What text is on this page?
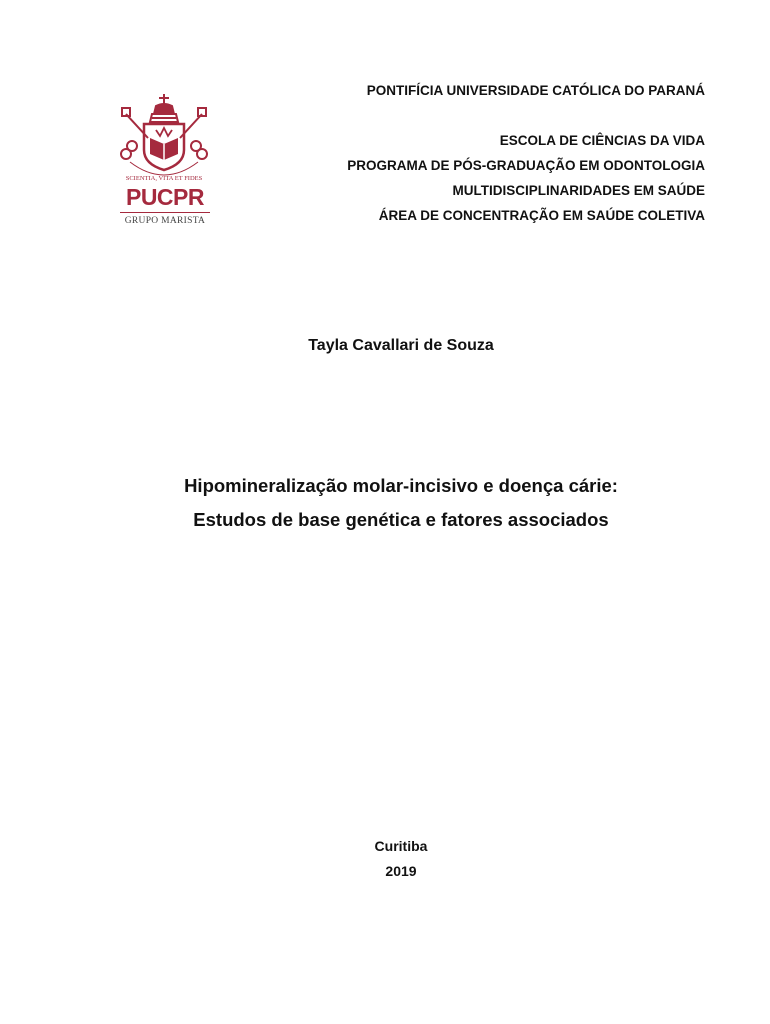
SCIENTIA, VITA ET FIDES
PUCPR
GRUPO MARISTA
PONTIFÍCIA UNIVERSIDADE CATÓLICA DO PARANÁ
ESCOLA DE CIÊNCIAS DA VIDA
PROGRAMA DE PÓS-GRADUAÇÃO EM ODONTOLOGIA
MULTIDISCIPLINARIDADES EM SAÚDE
ÁREA DE CONCENTRAÇÃO EM SAÚDE COLETIVA
Tayla Cavallari de Souza
Hipomineralização molar-incisivo e doença cárie:
Estudos de base genética e fatores associados
Curitiba
2019
